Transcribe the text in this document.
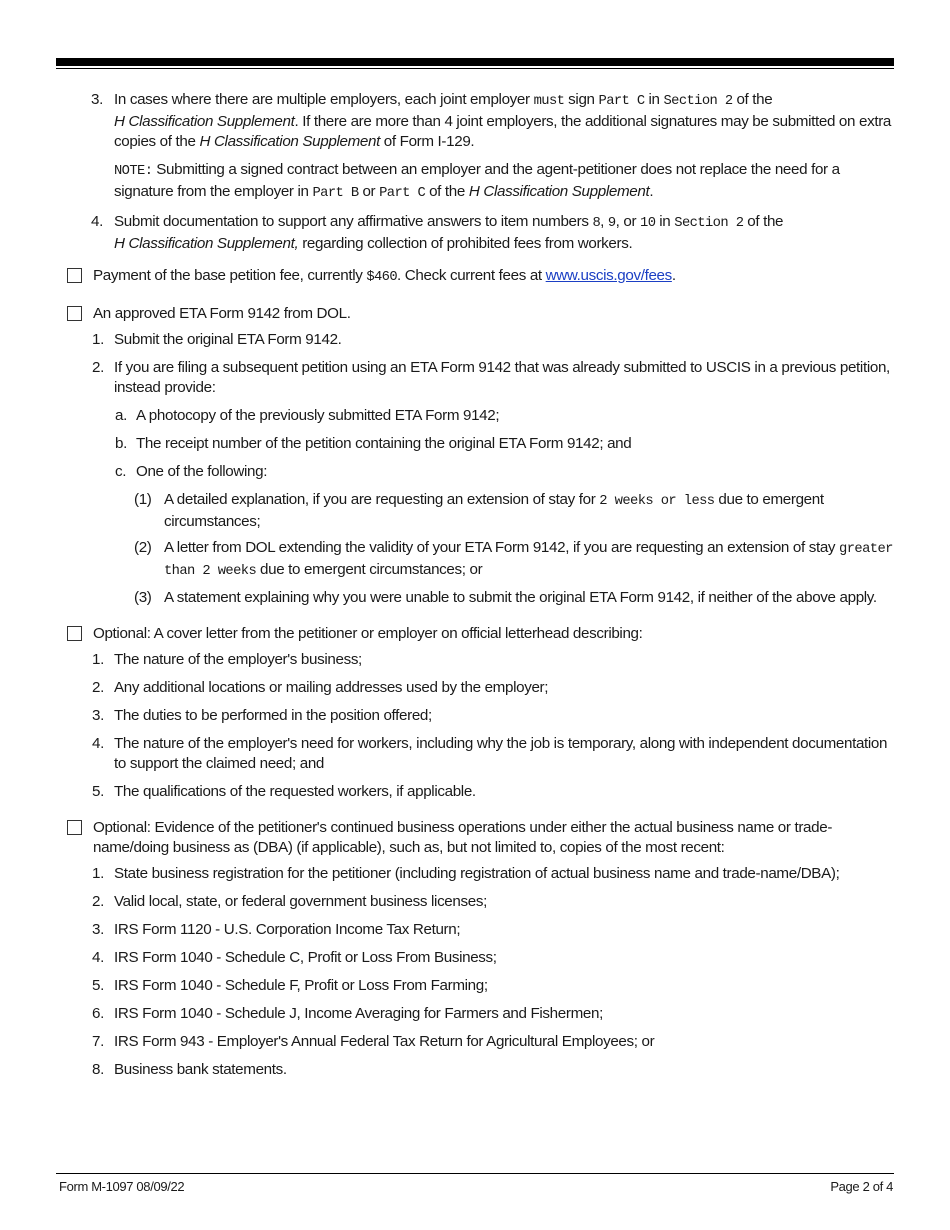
3. In cases where there are multiple employers, each joint employer must sign Part C in Section 2 of the
H Classification Supplement. If there are more than 4 joint employers, the additional signatures may be submitted on extra copies of the H Classification Supplement of Form I-129.
NOTE: Submitting a signed contract between an employer and the agent-petitioner does not replace the need for a signature from the employer in Part B or Part C of the H Classification Supplement.
4. Submit documentation to support any affirmative answers to item numbers 8, 9, or 10 in Section 2 of the
H Classification Supplement, regarding collection of prohibited fees from workers.
Payment of the base petition fee, currently $460. Check current fees at www.uscis.gov/fees.
An approved ETA Form 9142 from DOL.
1. Submit the original ETA Form 9142.
2. If you are filing a subsequent petition using an ETA Form 9142 that was already submitted to USCIS in a previous petition, instead provide:
a. A photocopy of the previously submitted ETA Form 9142;
b. The receipt number of the petition containing the original ETA Form 9142; and
c. One of the following:
(1) A detailed explanation, if you are requesting an extension of stay for 2 weeks or less due to emergent circumstances;
(2) A letter from DOL extending the validity of your ETA Form 9142, if you are requesting an extension of stay greater than 2 weeks due to emergent circumstances; or
(3) A statement explaining why you were unable to submit the original ETA Form 9142, if neither of the above apply.
Optional: A cover letter from the petitioner or employer on official letterhead describing:
1. The nature of the employer's business;
2. Any additional locations or mailing addresses used by the employer;
3. The duties to be performed in the position offered;
4. The nature of the employer's need for workers, including why the job is temporary, along with independent documentation to support the claimed need; and
5. The qualifications of the requested workers, if applicable.
Optional: Evidence of the petitioner's continued business operations under either the actual business name or trade-name/doing business as (DBA) (if applicable), such as, but not limited to, copies of the most recent:
1. State business registration for the petitioner (including registration of actual business name and trade-name/DBA);
2. Valid local, state, or federal government business licenses;
3. IRS Form 1120 - U.S. Corporation Income Tax Return;
4. IRS Form 1040 - Schedule C, Profit or Loss From Business;
5. IRS Form 1040 - Schedule F, Profit or Loss From Farming;
6. IRS Form 1040 - Schedule J, Income Averaging for Farmers and Fishermen;
7. IRS Form 943 - Employer's Annual Federal Tax Return for Agricultural Employees; or
8. Business bank statements.
Form M-1097 08/09/22	Page 2 of 4
